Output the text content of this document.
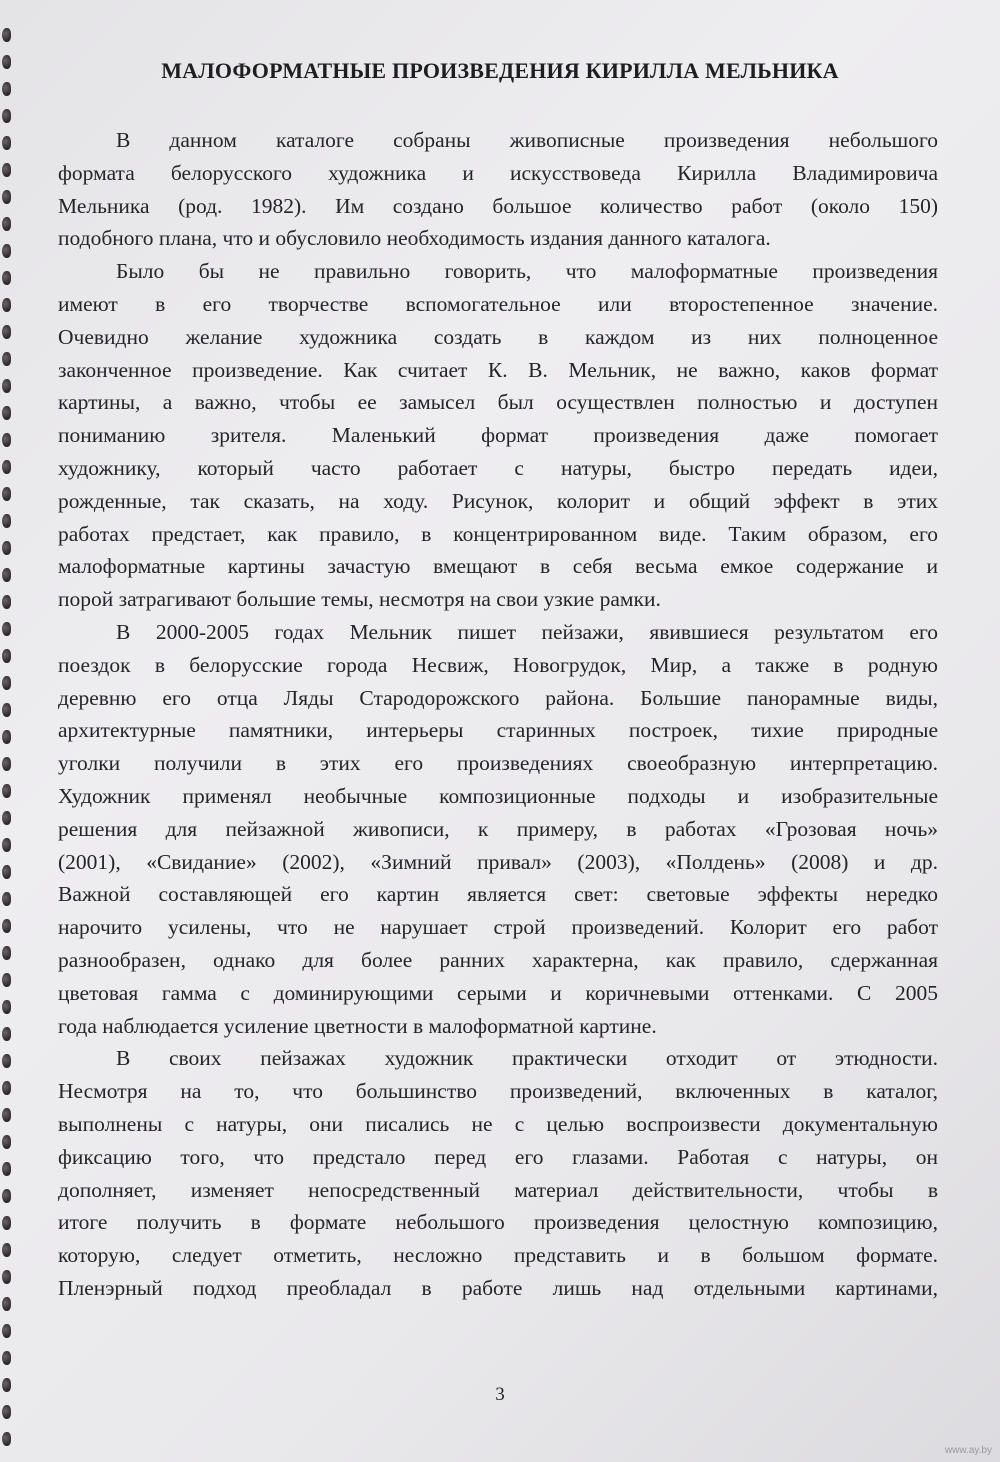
МАЛОФОРМАТНЫЕ ПРОИЗВЕДЕНИЯ КИРИЛЛА МЕЛЬНИКА
В данном каталоге собраны живописные произведения небольшого
формата белорусского художника и искусствоведа Кирилла Владимировича
Мельника (род. 1982). Им создано большое количество работ (около 150)
подобного плана, что и обусловило необходимость издания данного каталога.
Было бы не правильно говорить, что малоформатные произведения
имеют в его творчестве вспомогательное или второстепенное значение.
Очевидно желание художника создать в каждом из них полноценное
законченное произведение. Как считает К. В. Мельник, не важно, каков формат
картины, а важно, чтобы ее замысел был осуществлен полностью и доступен
пониманию зрителя. Маленький формат произведения даже помогает
художнику, который часто работает с натуры, быстро передать идеи,
рожденные, так сказать, на ходу. Рисунок, колорит и общий эффект в этих
работах предстает, как правило, в концентрированном виде. Таким образом, его
малоформатные картины зачастую вмещают в себя весьма емкое содержание и
порой затрагивают большие темы, несмотря на свои узкие рамки.
В 2000-2005 годах Мельник пишет пейзажи, явившиеся результатом его
поездок в белорусские города Несвиж, Новогрудок, Мир, а также в родную
деревню его отца Ляды Стародорожского района. Большие панорамные виды,
архитектурные памятники, интерьеры старинных построек, тихие природные
уголки получили в этих его произведениях своеобразную интерпретацию.
Художник применял необычные композиционные подходы и изобразительные
решения для пейзажной живописи, к примеру, в работах «Грозовая ночь»
(2001), «Свидание» (2002), «Зимний привал» (2003), «Полдень» (2008) и др.
Важной составляющей его картин является свет: световые эффекты нередко
нарочито усилены, что не нарушает строй произведений. Колорит его работ
разнообразен, однако для более ранних характерна, как правило, сдержанная
цветовая гамма с доминирующими серыми и коричневыми оттенками. С 2005
года наблюдается усиление цветности в малоформатной картине.
В своих пейзажах художник практически отходит от этюдности.
Несмотря на то, что большинство произведений, включенных в каталог,
выполнены с натуры, они писались не с целью воспроизвести документальную
фиксацию того, что предстало перед его глазами. Работая с натуры, он
дополняет, изменяет непосредственный материал действительности, чтобы в
итоге получить в формате небольшого произведения целостную композицию,
которую, следует отметить, несложно представить и в большом формате.
Пленэрный подход преобладал в работе лишь над отдельными картинами,
3
www.ay.by
